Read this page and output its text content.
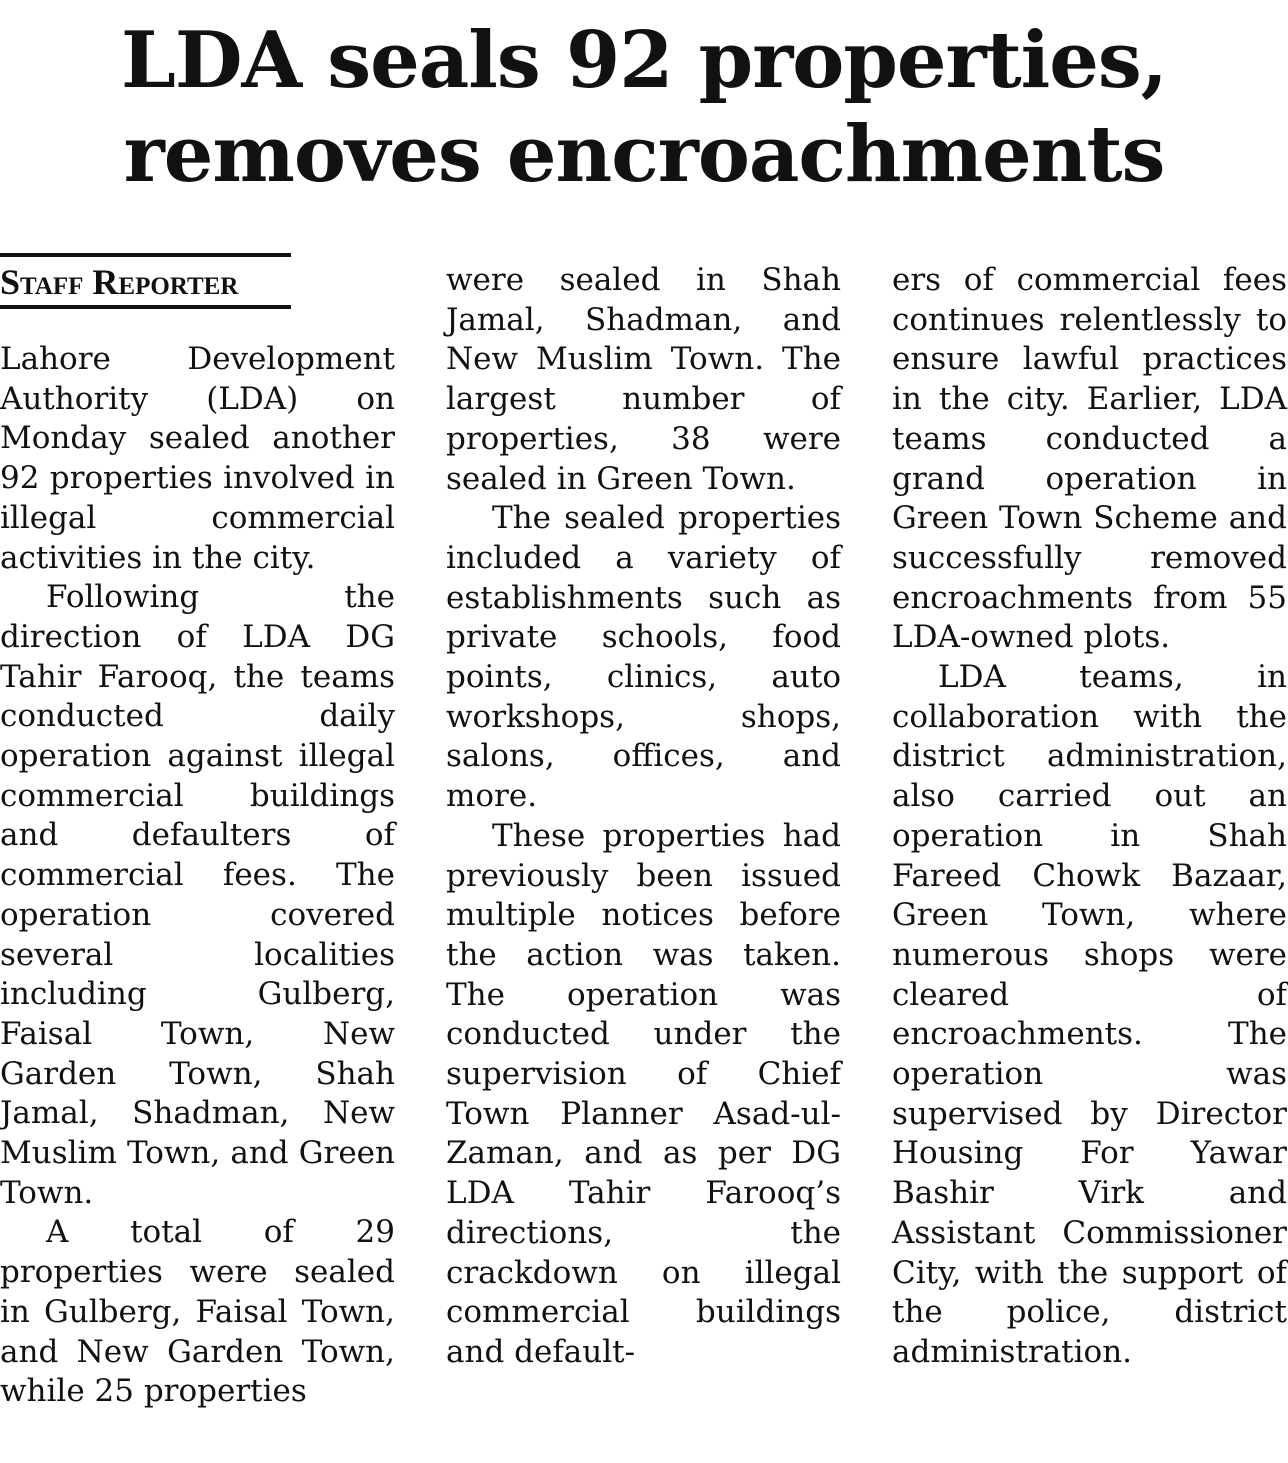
LDA seals 92 properties,
removes encroachments
Staff Reporter

Lahore Development Authority (LDA) on Monday sealed another 92 properties involved in illegal commercial activities in the city.

Following the direction of LDA DG Tahir Farooq, the teams conducted daily operation against illegal commercial buildings and defaulters of commercial fees. The operation covered several localities including Gulberg, Faisal Town, New Garden Town, Shah Jamal, Shadman, New Muslim Town, and Green Town.

A total of 29 properties were sealed in Gulberg, Faisal Town, and New Garden Town, while 25 properties

were sealed in Shah Jamal, Shadman, and New Muslim Town. The largest number of properties, 38 were sealed in Green Town.

The sealed properties included a variety of establishments such as private schools, food points, clinics, auto workshops, shops, salons, offices, and more.

These properties had previously been issued multiple notices before the action was taken. The operation was conducted under the supervision of Chief Town Planner Asad-ul-Zaman, and as per DG LDA Tahir Farooq’s directions, the crackdown on illegal commercial buildings and default-

ers of commercial fees continues relentlessly to ensure lawful practices in the city. Earlier, LDA teams conducted a grand operation in Green Town Scheme and successfully removed encroachments from 55 LDA-owned plots.

LDA teams, in collaboration with the district administration, also carried out an operation in Shah Fareed Chowk Bazaar, Green Town, where numerous shops were cleared of encroachments. The operation was supervised by Director Housing For Yawar Bashir Virk and Assistant Commissioner City, with the support of the police, district administration.
